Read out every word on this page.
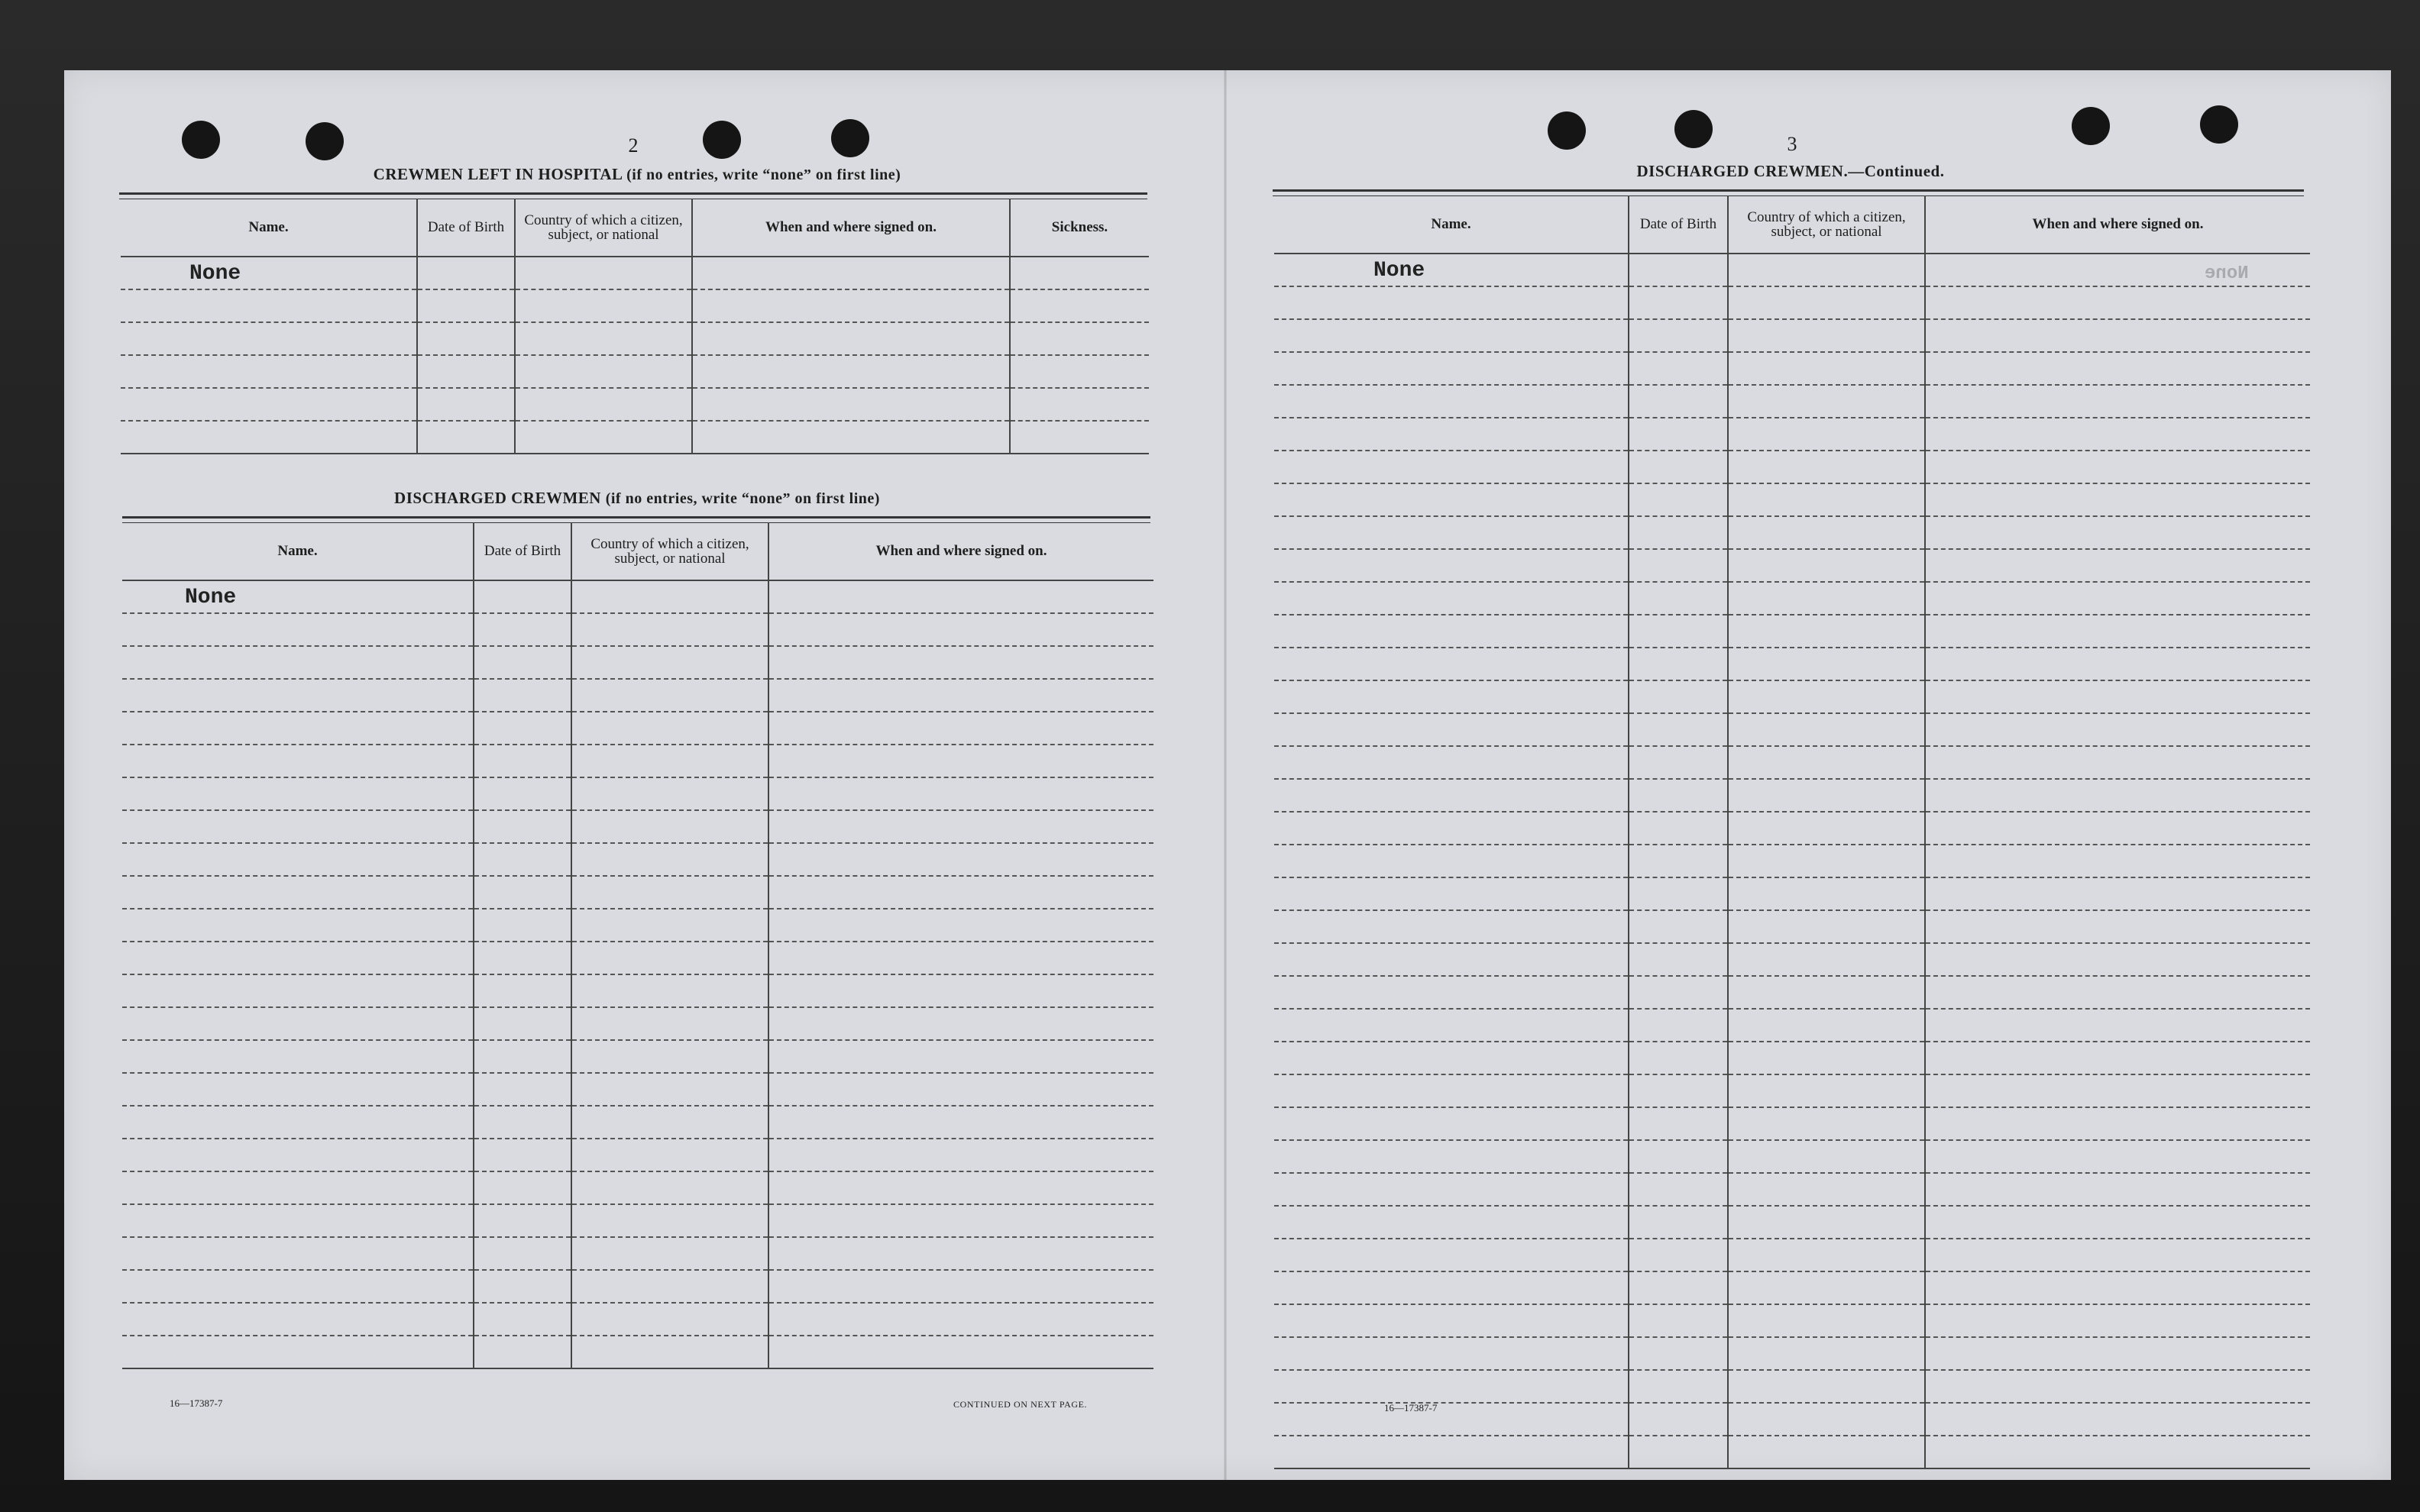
2
CREWMEN LEFT IN HOSPITAL (if no entries, write “none” on first line)
Name.	Date of Birth	Country of which a citizen, subject, or national	When and where signed on.	Sickness.
None				

DISCHARGED CREWMEN (if no entries, write “none” on first line)
Name.	Date of Birth	Country of which a citizen, subject, or national	When and where signed on.
None			

16—17387-7	CONTINUED ON NEXT PAGE.
3
DISCHARGED CREWMEN.—Continued.
Name.	Date of Birth	Country of which a citizen, subject, or national	When and where signed on.
None			None

16—17387-7
